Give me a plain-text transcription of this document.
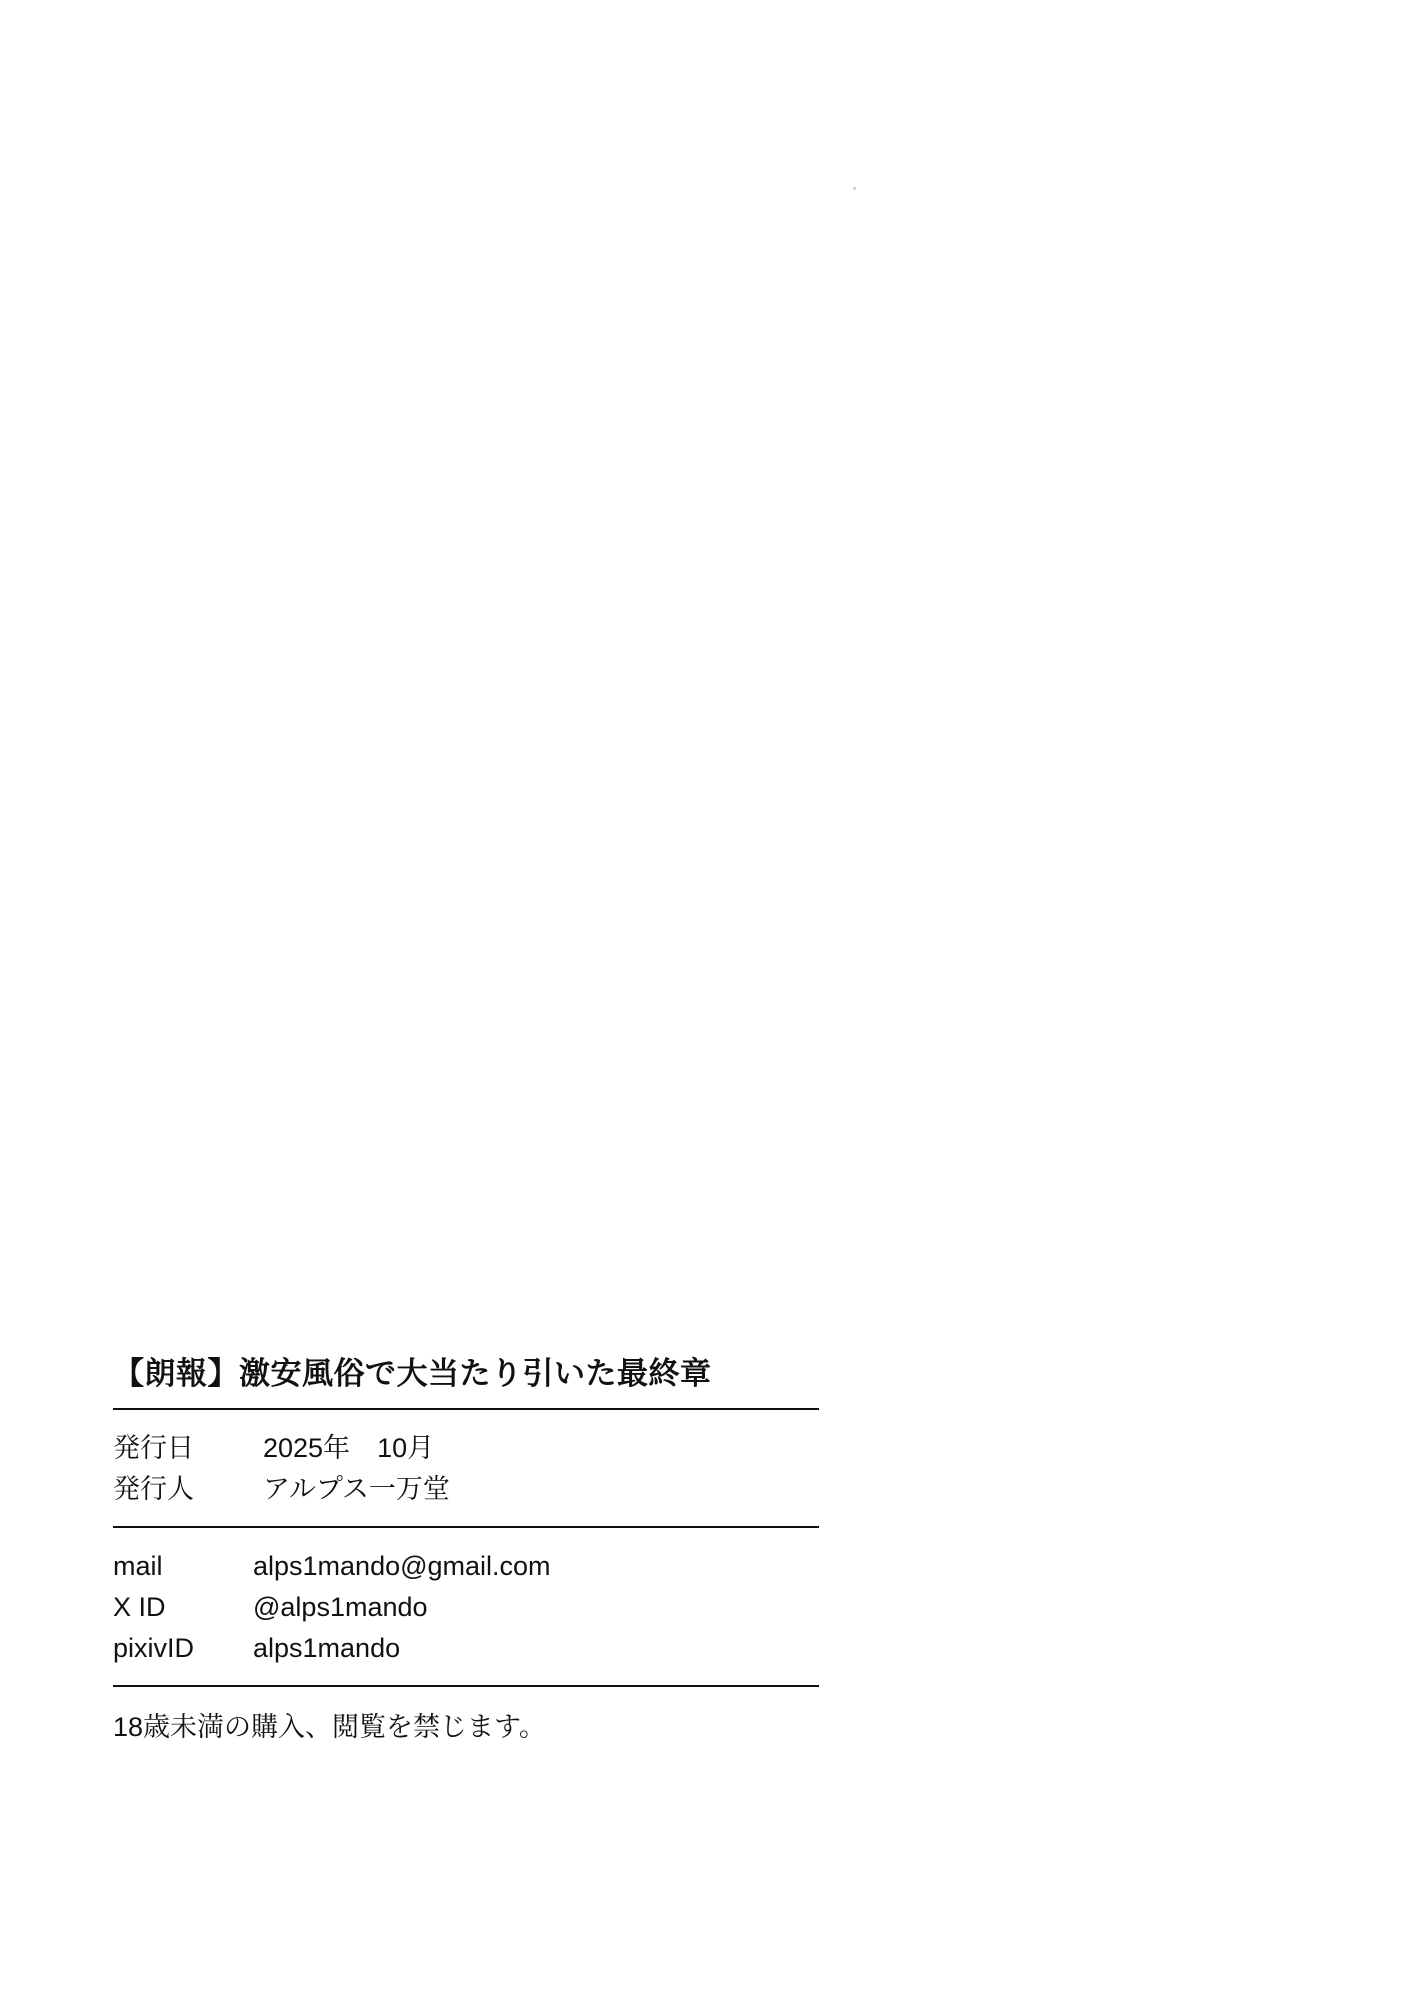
【朗報】激安風俗で大当たり引いた最終章
発行日	2025年　10月
発行人	アルプス一万堂
mail	alps1mando@gmail.com
X ID	@alps1mando
pixivID	alps1mando
18歳未満の購入、閲覧を禁じます。
